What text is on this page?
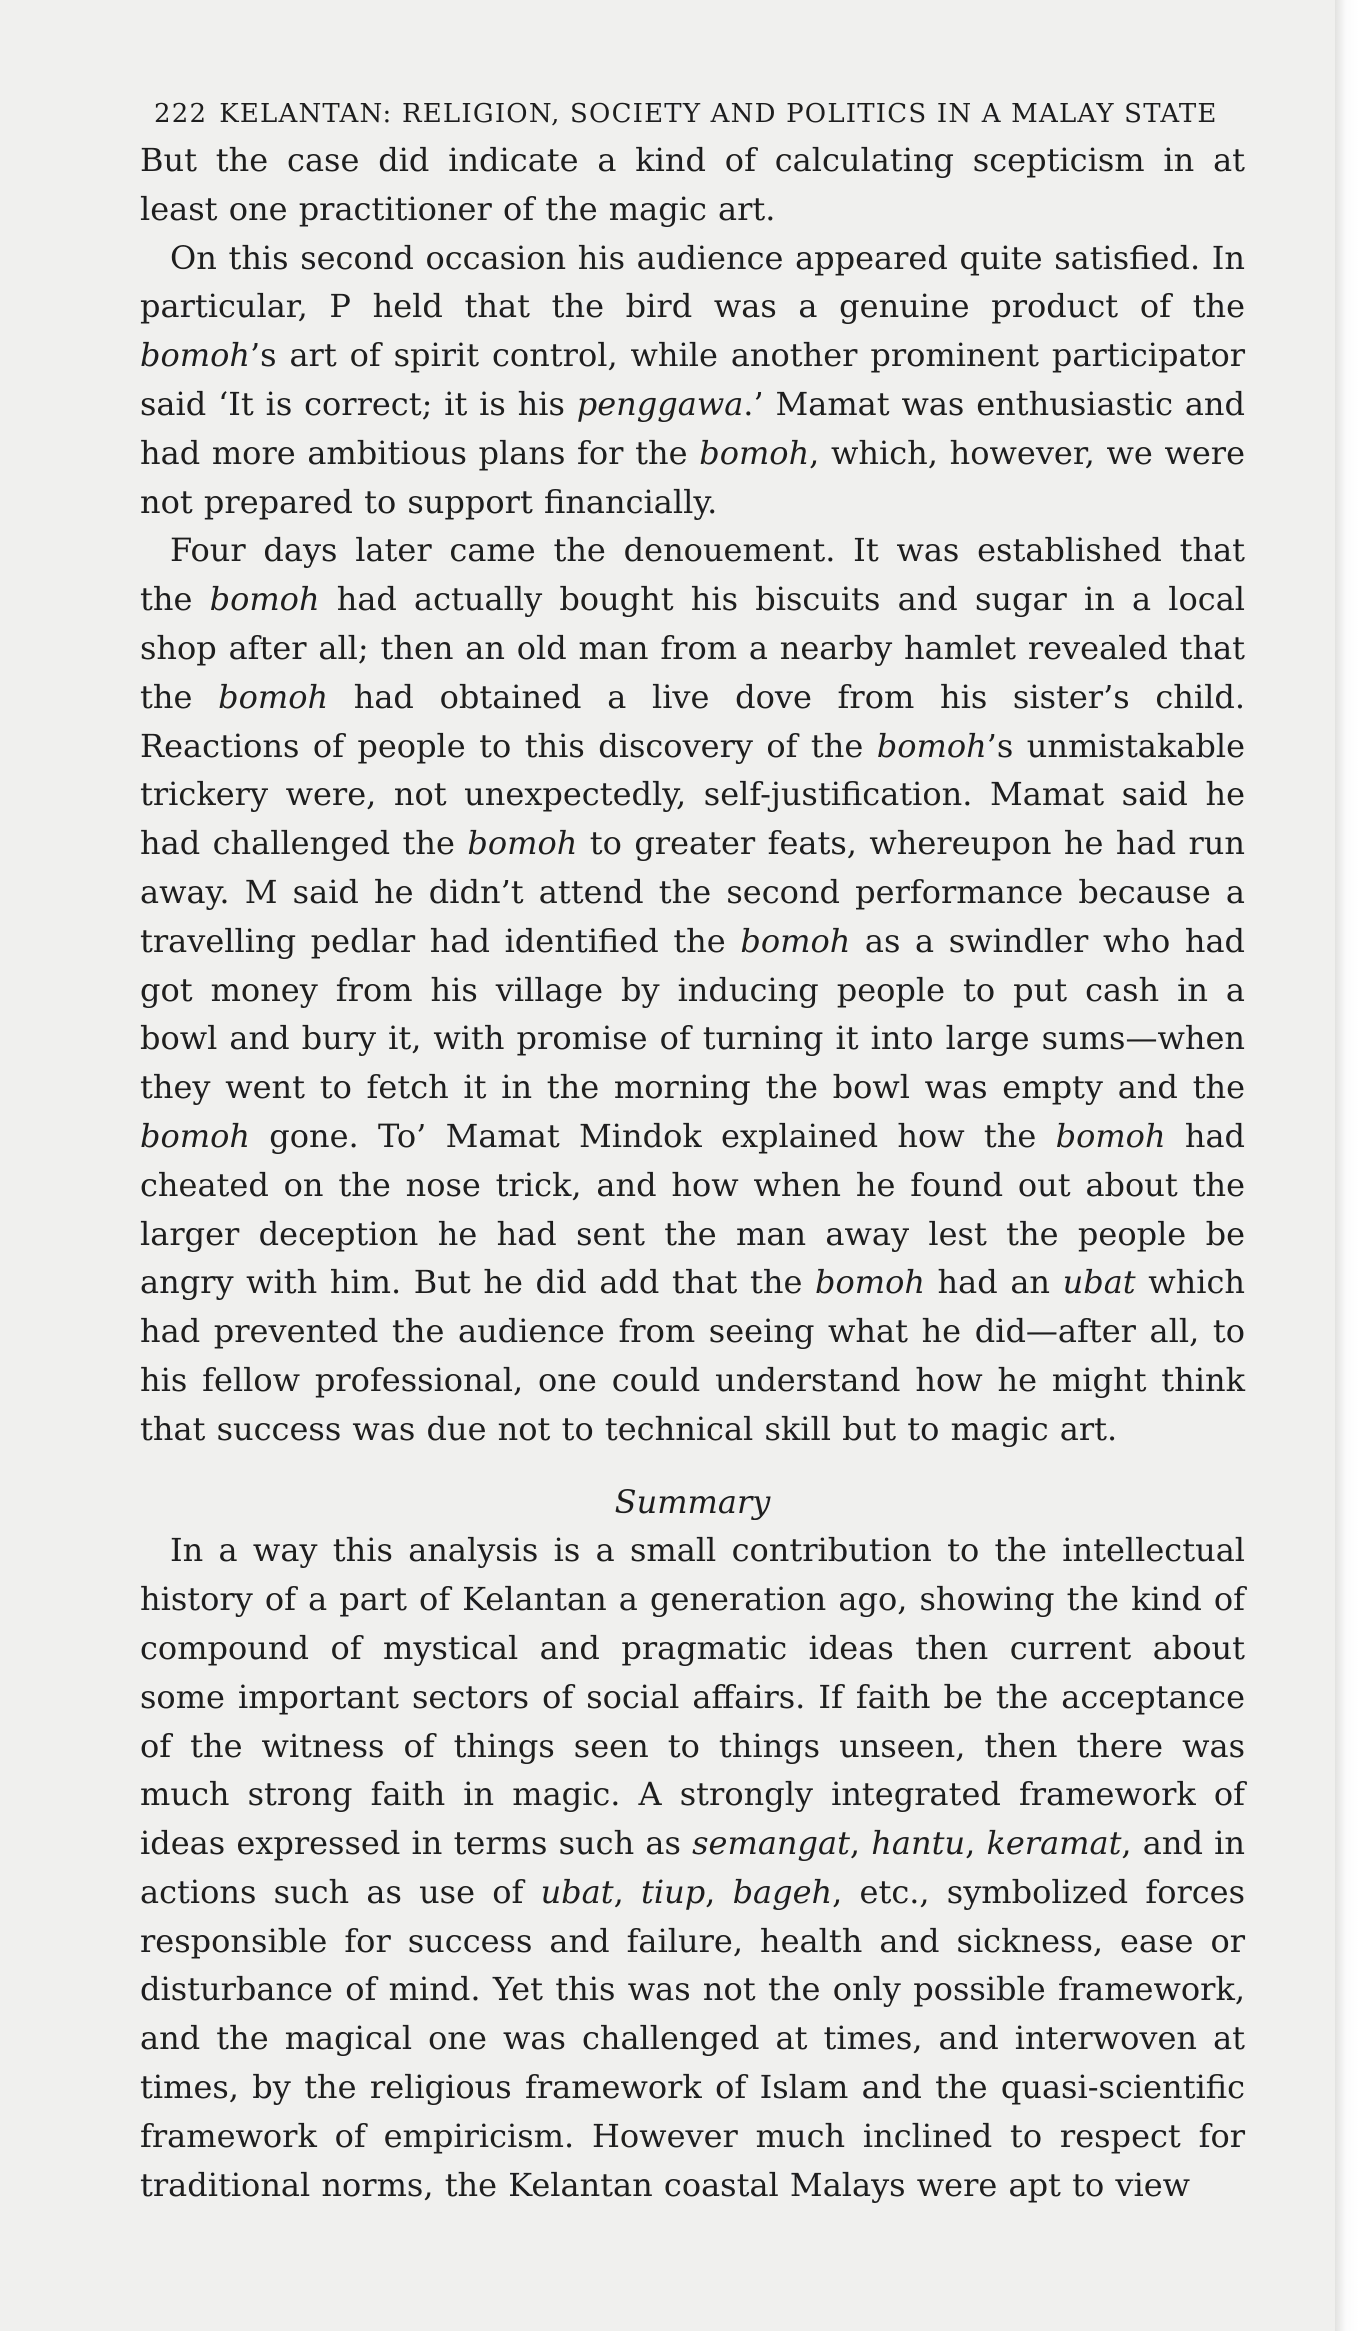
222 KELANTAN: RELIGION, SOCIETY AND POLITICS IN A MALAY STATE

But the case did indicate a kind of calculating scepticism in at least one practitioner of the magic art.

On this second occasion his audience appeared quite satisfied. In particular, P held that the bird was a genuine product of the bomoh’s art of spirit control, while another prominent participator said ‘It is correct; it is his penggawa.’ Mamat was enthusiastic and had more ambitious plans for the bomoh, which, however, we were not prepared to support financially.

Four days later came the denouement. It was established that the bomoh had actually bought his biscuits and sugar in a local shop after all; then an old man from a nearby hamlet revealed that the bomoh had obtained a live dove from his sister’s child. Reactions of people to this discovery of the bomoh’s unmistakable trickery were, not unexpectedly, self-justification. Mamat said he had challenged the bomoh to greater feats, whereupon he had run away. M said he didn’t attend the second performance because a travelling pedlar had identified the bomoh as a swindler who had got money from his village by inducing people to put cash in a bowl and bury it, with promise of turning it into large sums—when they went to fetch it in the morning the bowl was empty and the bomoh gone. To’ Mamat Mindok explained how the bomoh had cheated on the nose trick, and how when he found out about the larger deception he had sent the man away lest the people be angry with him. But he did add that the bomoh had an ubat which had prevented the audience from seeing what he did—after all, to his fellow professional, one could understand how he might think that success was due not to technical skill but to magic art.

Summary

In a way this analysis is a small contribution to the intellectual history of a part of Kelantan a generation ago, showing the kind of compound of mystical and pragmatic ideas then current about some important sectors of social affairs. If faith be the acceptance of the witness of things seen to things unseen, then there was much strong faith in magic. A strongly integrated framework of ideas expressed in terms such as semangat, hantu, keramat, and in actions such as use of ubat, tiup, bageh, etc., symbolized forces responsible for success and failure, health and sickness, ease or disturbance of mind. Yet this was not the only possible framework, and the magical one was challenged at times, and interwoven at times, by the religious framework of Islam and the quasi-scientific framework of empiricism. However much inclined to respect for traditional norms, the Kelantan coastal Malays were apt to view
